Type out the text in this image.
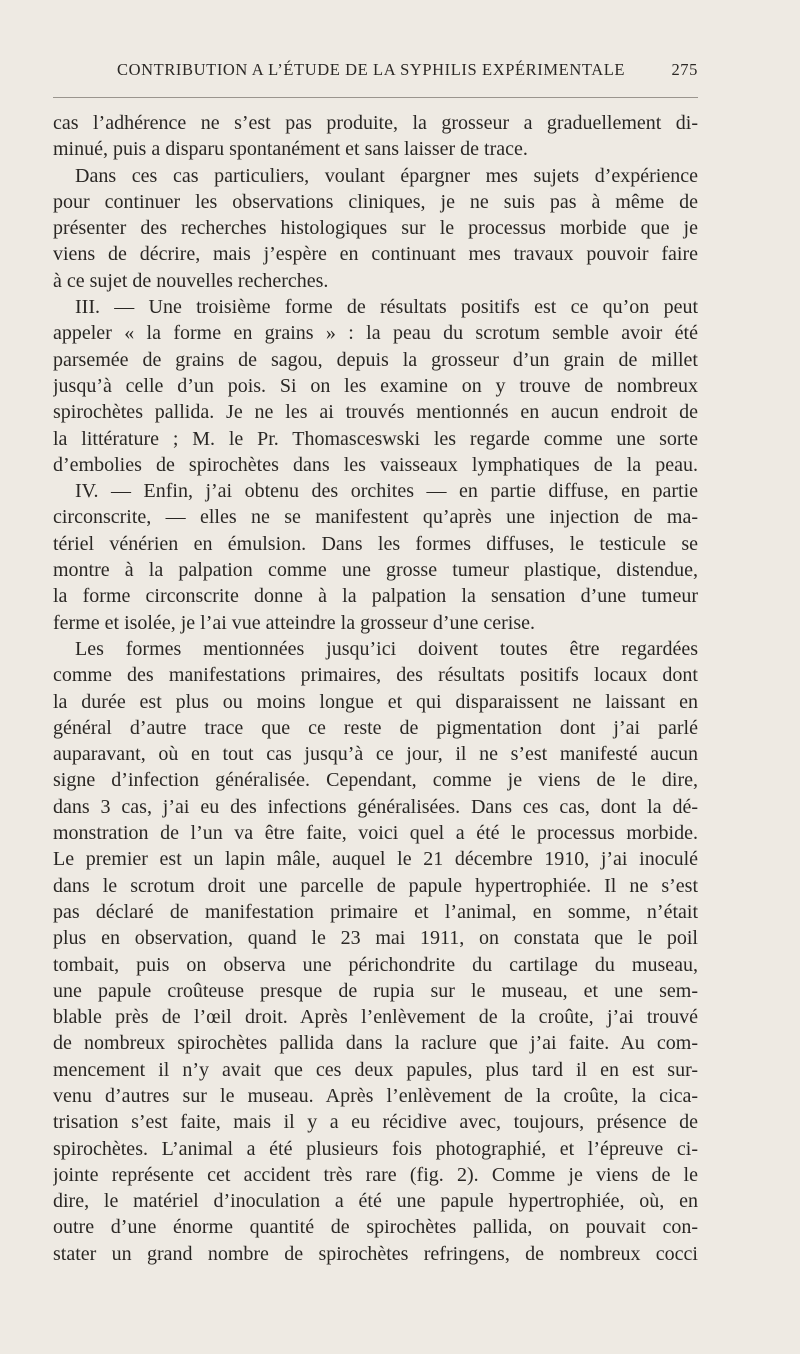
CONTRIBUTION A L’ÉTUDE DE LA SYPHILIS EXPÉRIMENTALE	275
cas l’adhérence ne s’est pas produite, la grosseur a graduellement di-
minué, puis a disparu spontanément et sans laisser de trace.
Dans ces cas particuliers, voulant épargner mes sujets d’expérience
pour continuer les observations cliniques, je ne suis pas à même de
présenter des recherches histologiques sur le processus morbide que je
viens de décrire, mais j’espère en continuant mes travaux pouvoir faire
à ce sujet de nouvelles recherches.
III. — Une troisième forme de résultats positifs est ce qu’on peut
appeler « la forme en grains » : la peau du scrotum semble avoir été
parsemée de grains de sagou, depuis la grosseur d’un grain de millet
jusqu’à celle d’un pois. Si on les examine on y trouve de nombreux
spirochètes pallida. Je ne les ai trouvés mentionnés en aucun endroit de
la littérature ; M. le Pr. Thomasceswski les regarde comme une sorte
d’embolies de spirochètes dans les vaisseaux lymphatiques de la peau.
IV. — Enfin, j’ai obtenu des orchites — en partie diffuse, en partie
circonscrite, — elles ne se manifestent qu’après une injection de ma-
tériel vénérien en émulsion. Dans les formes diffuses, le testicule se
montre à la palpation comme une grosse tumeur plastique, distendue,
la forme circonscrite donne à la palpation la sensation d’une tumeur
ferme et isolée, je l’ai vue atteindre la grosseur d’une cerise.
Les formes mentionnées jusqu’ici doivent toutes être regardées
comme des manifestations primaires, des résultats positifs locaux dont
la durée est plus ou moins longue et qui disparaissent ne laissant en
général d’autre trace que ce reste de pigmentation dont j’ai parlé
auparavant, où en tout cas jusqu’à ce jour, il ne s’est manifesté aucun
signe d’infection généralisée. Cependant, comme je viens de le dire,
dans 3 cas, j’ai eu des infections généralisées. Dans ces cas, dont la dé-
monstration de l’un va être faite, voici quel a été le processus morbide.
Le premier est un lapin mâle, auquel le 21 décembre 1910, j’ai inoculé
dans le scrotum droit une parcelle de papule hypertrophiée. Il ne s’est
pas déclaré de manifestation primaire et l’animal, en somme, n’était
plus en observation, quand le 23 mai 1911, on constata que le poil
tombait, puis on observa une périchondrite du cartilage du museau,
une papule croûteuse presque de rupia sur le museau, et une sem-
blable près de l’œil droit. Après l’enlèvement de la croûte, j’ai trouvé
de nombreux spirochètes pallida dans la raclure que j’ai faite. Au com-
mencement il n’y avait que ces deux papules, plus tard il en est sur-
venu d’autres sur le museau. Après l’enlèvement de la croûte, la cica-
trisation s’est faite, mais il y a eu récidive avec, toujours, présence de
spirochètes. L’animal a été plusieurs fois photographié, et l’épreuve ci-
jointe représente cet accident très rare (fig. 2). Comme je viens de le
dire, le matériel d’inoculation a été une papule hypertrophiée, où, en
outre d’une énorme quantité de spirochètes pallida, on pouvait con-
stater un grand nombre de spirochètes refringens, de nombreux cocci
